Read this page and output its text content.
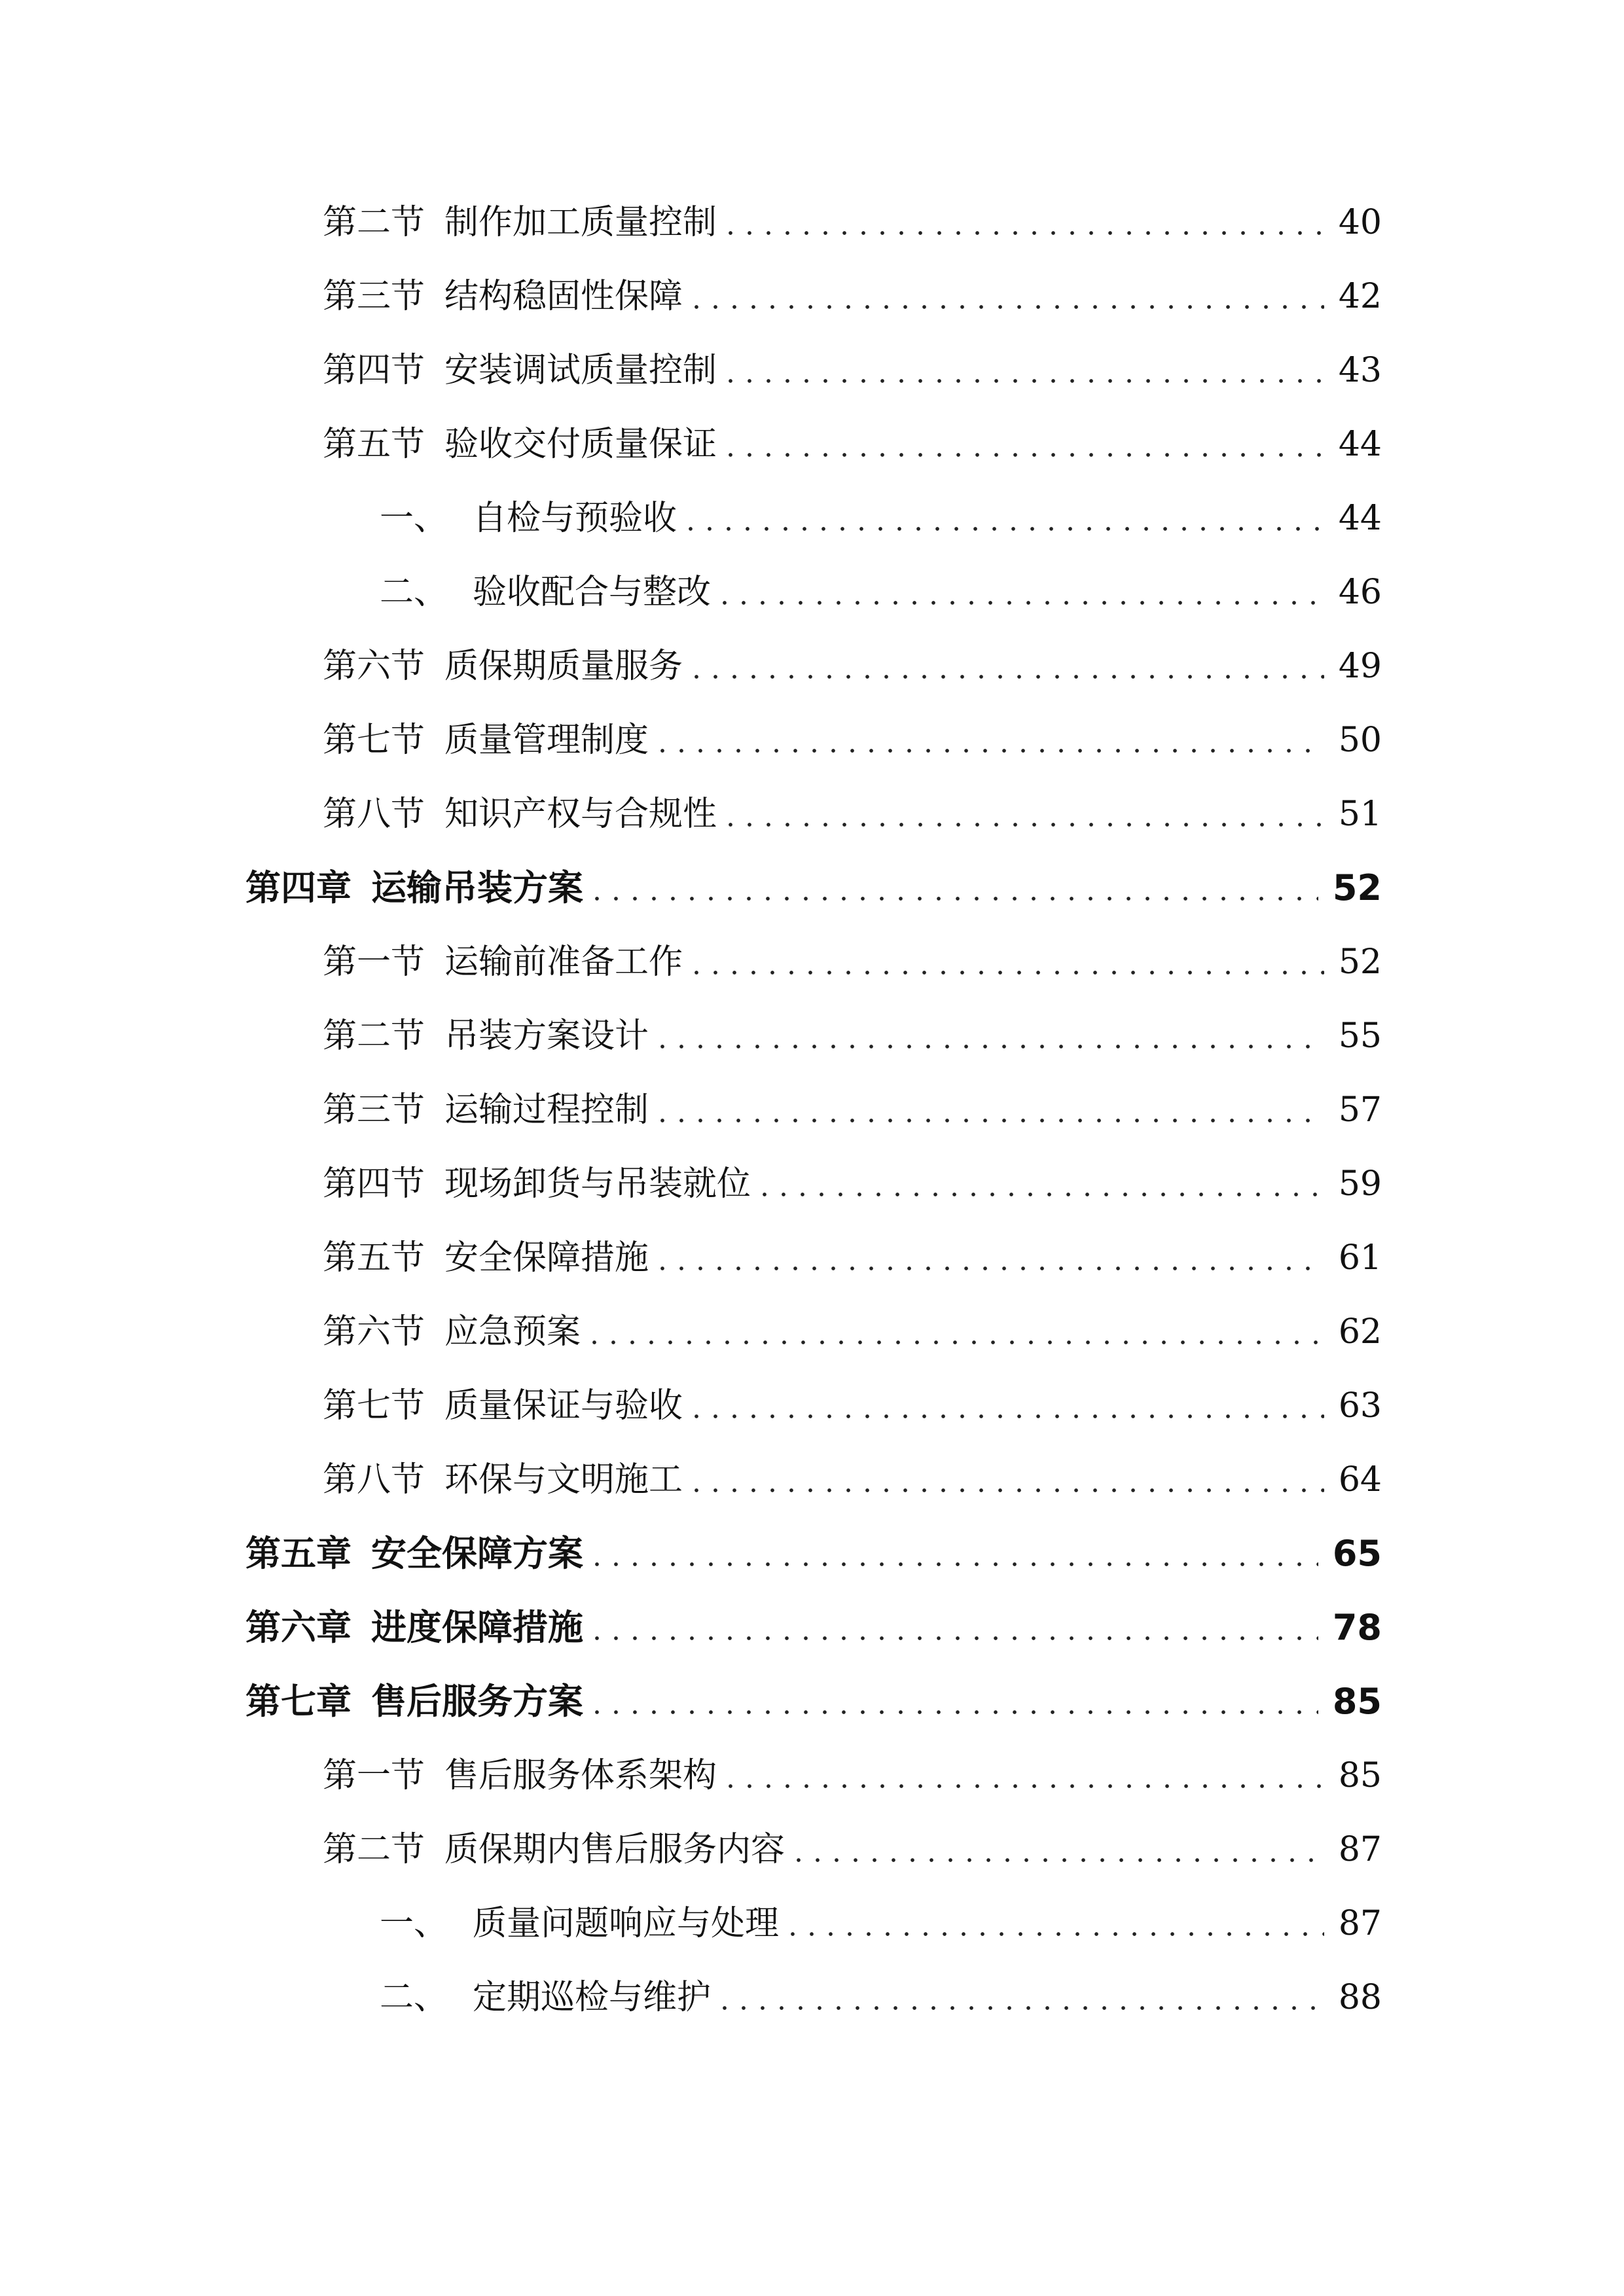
第二节 制作加工质量控制	40
第三节 结构稳固性保障	42
第四节 安装调试质量控制	43
第五节 验收交付质量保证	44
一、 自检与预验收	44
二、 验收配合与整改	46
第六节 质保期质量服务	49
第七节 质量管理制度	50
第八节 知识产权与合规性	51
第四章 运输吊装方案	52
第一节 运输前准备工作	52
第二节 吊装方案设计	55
第三节 运输过程控制	57
第四节 现场卸货与吊装就位	59
第五节 安全保障措施	61
第六节 应急预案	62
第七节 质量保证与验收	63
第八节 环保与文明施工	64
第五章 安全保障方案	65
第六章 进度保障措施	78
第七章 售后服务方案	85
第一节 售后服务体系架构	85
第二节 质保期内售后服务内容	87
一、 质量问题响应与处理	87
二、 定期巡检与维护	88
